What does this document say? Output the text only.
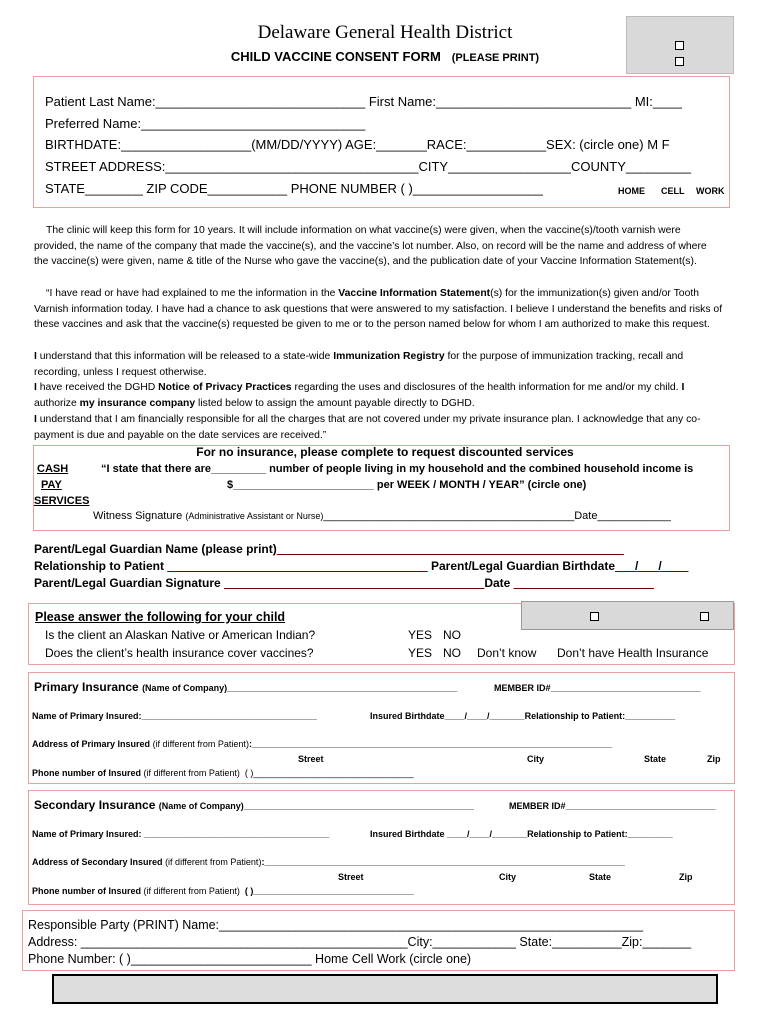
Delaware General Health District
CHILD VACCINE CONSENT FORM (PLEASE PRINT)
Patient Last Name:_____________________________ First Name:___________________________ MI:____
Preferred Name:_______________________________
BIRTHDATE:__________________(MM/DD/YYYY) AGE:_______RACE:___________SEX: (circle one) M F
STREET ADDRESS:___________________________________CITY_________________COUNTY_________
STATE________ ZIP CODE___________ PHONE NUMBER ( )__________________	HOME CELL WORK
The clinic will keep this form for 10 years. It will include information on what vaccine(s) were given, when the vaccine(s)/tooth varnish were provided, the name of the company that made the vaccine(s), and the vaccine’s lot number. Also, on record will be the name and address of where the vaccine(s) were given, name & title of the Nurse who gave the vaccine(s), and the publication date of your Vaccine Information Statement(s).
“I have read or have had explained to me the information in the Vaccine Information Statement(s) for the immunization(s) given and/or Tooth Varnish information today. I have had a chance to ask questions that were answered to my satisfaction. I believe I understand the benefits and risks of these vaccines and ask that the vaccine(s) requested be given to me or to the person named below for whom I am authorized to make this request.
I understand that this information will be released to a state-wide Immunization Registry for the purpose of immunization tracking, recall and recording, unless I request otherwise.
I have received the DGHD Notice of Privacy Practices regarding the uses and disclosures of the health information for me and/or my child. I authorize my insurance company listed below to assign the amount payable directly to DGHD.
I understand that I am financially responsible for all the charges that are not covered under my private insurance plan. I acknowledge that any co-payment is due and payable on the date services are received.”
For no insurance, please complete to request discounted services
CASH
PAY
SERVICES
“I state that there are_________ number of people living in my household and the combined household income is
$_______________________ per WEEK / MONTH / YEAR” (circle one)
Witness Signature (Administrative Assistant or Nurse)_________________________________________Date____________
Parent/Legal Guardian Name (please print)____________________________________________________
Relationship to Patient _______________________________________ Parent/Legal Guardian Birthdate___/___/____
Parent/Legal Guardian Signature _______________________________________Date _____________________
Please answer the following for your child
Is the client an Alaskan Native or American Indian?	YES NO
Does the client’s health insurance cover vaccines?	YES NO Don’t know Don’t have Health Insurance
Primary Insurance (Name of Company)______________________________________________	MEMBER ID#______________________________
Name of Primary Insured:___________________________________	Insured Birthdate____/____/_______Relationship to Patient:__________
Address of Primary Insured (if different from Patient):________________________________________________________________________
Street	City	State	Zip
Phone number of Insured (if different from Patient) ( )________________________________
Secondary Insurance (Name of Company)______________________________________________	MEMBER ID#______________________________
Name of Primary Insured: _____________________________________	Insured Birthdate ____/____/_______Relationship to Patient:_________
Address of Secondary Insured (if different from Patient):________________________________________________________________________
Street	City	State	Zip
Phone number of Insured (if different from Patient) ( )________________________________
Responsible Party (PRINT) Name:_____________________________________________________________
Address: _______________________________________________City:____________ State:__________Zip:_______
Phone Number: ( )__________________________ Home Cell Work (circle one)
